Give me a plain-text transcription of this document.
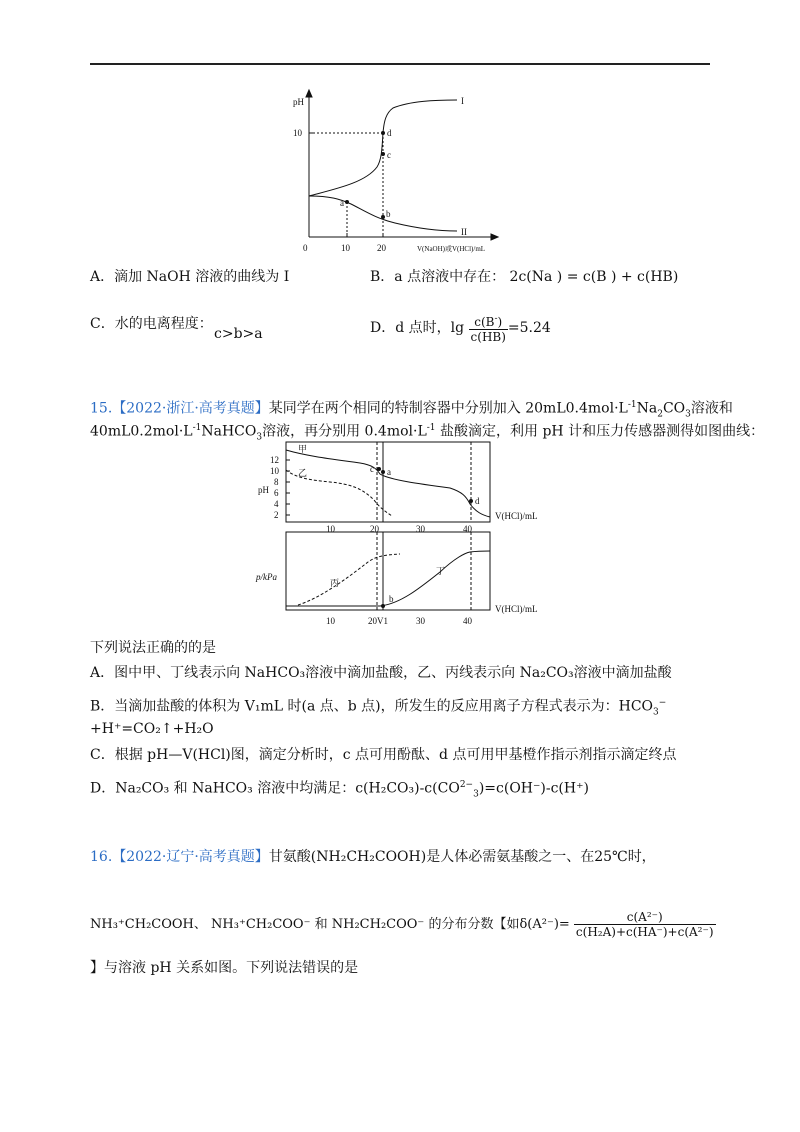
pH
10
0	10	20	V(NaOH)或V(HCl)/mL
a
b
c
d
I
II
A．滴加 NaOH 溶液的曲线为 I	B．a 点溶液中存在： 2c(Na ) = c(B ) + c(HB)
C．水的电离程度：
c>b>a	D．d 点时，$\lg \frac{c(B^-)}{c(HB)} =5.24$
15.【2022·浙江·高考真题】某同学在两个相同的特制容器中分别加入 $20mL0.4mol\cdot L^{-1}Na_2CO_3$溶液和
$40mL0.2mol\cdot L^{-1}NaHCO_3$溶液，再分别用 $0.4mol\cdot L^{-1}$ 盐酸滴定，利用 pH 计和压力传感器测得如图曲线：
12
10
8
6
4
2
pH
甲
乙	c a
d
10	20	30	40
V(HCl)/mL
p/kPa
丙
丁
b
10	20V1	30	40
V(HCl)/mL
下列说法正确的的是
A．图中甲、丁线表示向 NaHCO₃溶液中滴加盐酸，乙、丙线表示向 Na₂CO₃溶液中滴加盐酸
B．当滴加盐酸的体积为 V₁mL 时(a 点、b 点)，所发生的反应用离子方程式表示为：$HCO_3^-$
+H⁺=CO₂↑+H₂O
C．根据 pH—V(HCl)图，滴定分析时，c 点可用酚酞、d 点可用甲基橙作指示剂指示滴定终点
D．Na₂CO₃ 和 NaHCO₃ 溶液中均满足：$c(H_2CO_3)-c(CO^{2-}_3)=c(OH^-)-c(H^+)$
16.【2022·辽宁·高考真题】甘氨酸(NH₂CH₂COOH)是人体必需氨基酸之一、在25℃时，
NH₃⁺CH₂COOH、 NH₃⁺CH₂COO⁻ 和 NH₂CH₂COO⁻ 的分布分数【如$\delta(A^{2-})= \frac{\text{c(A²⁻)}}{\text{c(H₂A)+c(HA⁻)+c(A²⁻)}}$
】与溶液 pH 关系如图。下列说法错误的是
